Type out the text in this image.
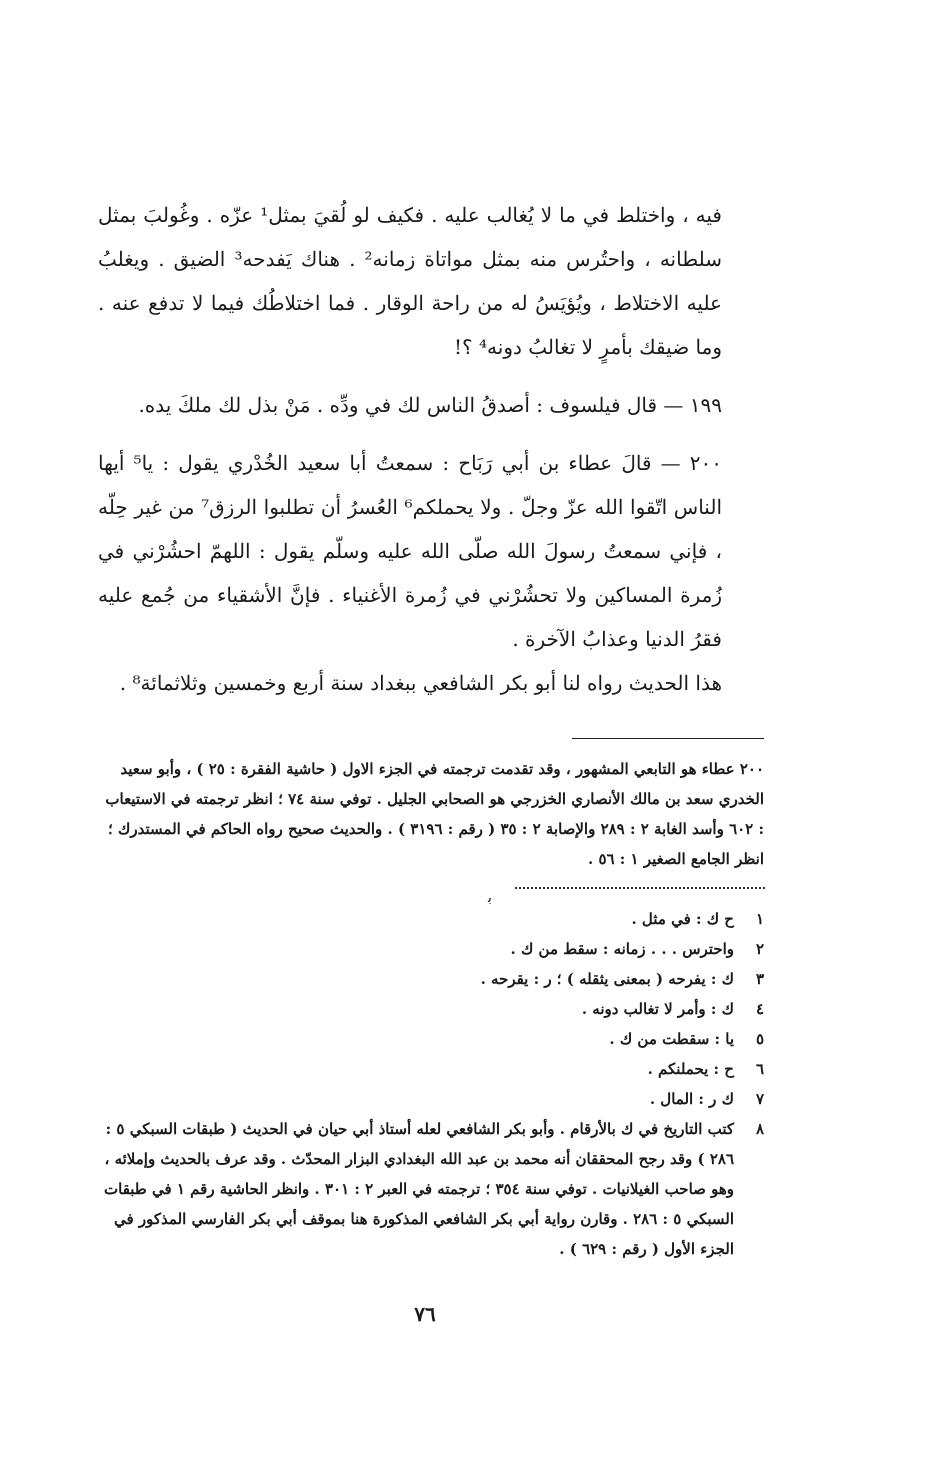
فيه ، واختلط في ما لا يُغالب عليه . فكيف لو لُقيَ بمثل¹ عزّه . وغُولبَ بمثل سلطانه ، واحتُرس منه بمثل مواتاة زمانه² . هناك يَفدحه³ الضيق . ويغلبُ عليه الاختلاط ، ويُؤيَسُ له من راحة الوقار . فما اختلاطُك فيما لا تدفع عنه . وما ضيقك بأمرٍ لا تغالبُ دونه⁴ ؟!

١٩٩ — قال فيلسوف : أصدقُ الناس لك في ودِّه . مَنْ بذل لك ملكَ يده.

٢٠٠ — قالَ عطاء بن أبي رَبَاح : سمعتُ أبا سعيد الخُدْري يقول : يا⁵ أيها الناس اتّقوا الله عزّ وجلّ . ولا يحملكم⁶ العُسرُ أن تطلبوا الرزق⁷ من غير حِلّه ، فإني سمعتُ رسولَ الله صلّى الله عليه وسلّم يقول : اللهمّ احشُرْني في زُمرة المساكين ولا تحشُرْني في زُمرة الأغنياء . فإنَّ الأشقياء من جُمع عليه فقرُ الدنيا وعذابُ الآخرة .

هذا الحديث رواه لنا أبو بكر الشافعي ببغداد سنة أربع وخمسين وثلاثمائة⁸ .

٢٠٠ عطاء هو التابعي المشهور ، وقد تقدمت ترجمته في الجزء الاول ( حاشية الفقرة : ٢٥ ) ، وأبو سعيد الخدري سعد بن مالك الأنصاري الخزرجي هو الصحابي الجليل . توفي سنة ٧٤ ؛ انظر ترجمته في الاستيعاب : ٦٠٢ وأسد الغابة ٢ : ٢٨٩ والإصابة ٢ : ٣٥ ( رقم : ٣١٩٦ ) . والحديث صحيح رواه الحاكم في المستدرك ؛ انظر الجامع الصغير ١ : ٥٦ .
ﺑ
١
ح ك : في مثل .
٢
واحترس . . . زمانه : سقط من ك .
٣
ك : يفرحه ( بمعنى يثقله ) ؛ ر : يقرحه .
٤
ك : وأمر لا تغالب دونه .
٥
يا : سقطت من ك .
٦
ح : يحملنكم .
٧
ك ر : المال .
٨
كتب التاريخ في ك بالأرقام . وأبو بكر الشافعي لعله أستاذ أبي حيان في الحديث ( طبقات السبكي ٥ : ٢٨٦ ) وقد رجح المحققان أنه محمد بن عبد الله البغدادي البزار المحدّث . وقد عرف بالحديث وإملائه ، وهو صاحب الغيلانيات . توفي سنة ٣٥٤ ؛ ترجمته في العبر ٢ : ٣٠١ . وانظر الحاشية رقم ١ في طبقات السبكي ٥ : ٢٨٦ . وقارن رواية أبي بكر الشافعي المذكورة هنا بموقف أبي بكر الفارسي المذكور في الجزء الأول ( رقم : ٦٢٩ ) .
٧٦
